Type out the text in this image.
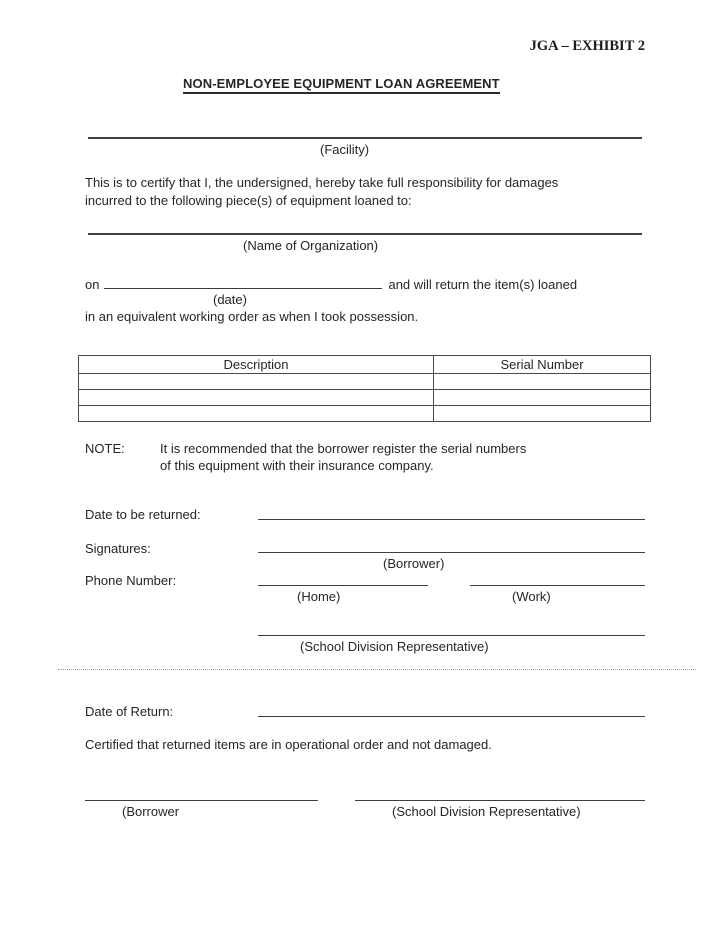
JGA – EXHIBIT 2
NON-EMPLOYEE EQUIPMENT LOAN AGREEMENT
(Facility)
This is to certify that I, the undersigned, hereby take full responsibility for damages
incurred to the following piece(s) of equipment loaned to:
(Name of Organization)
on	and will return the item(s) loaned
(date)
in an equivalent working order as when I took possession.
Description	Serial Number

NOTE:	It is recommended that the borrower register the serial numbers
of this equipment with their insurance company.
Date to be returned:
Signatures:
(Borrower)
Phone Number:
(Home)	(Work)
(School Division Representative)
Date of Return:
Certified that returned items are in operational order and not damaged.
(Borrower	(School Division Representative)
